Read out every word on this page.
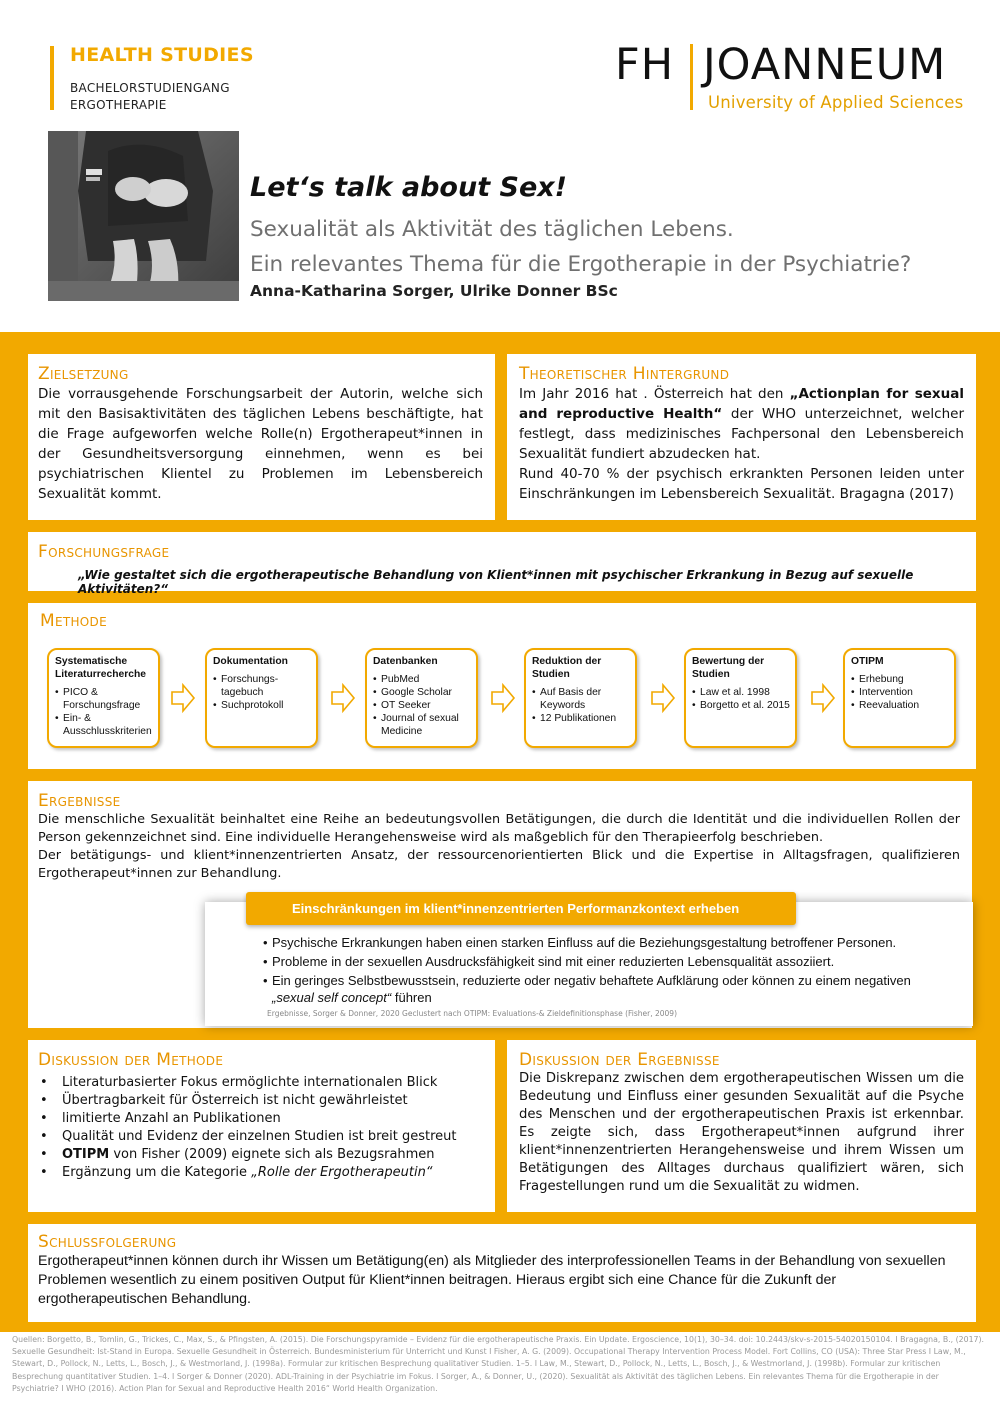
HEALTH STUDIES
BACHELORSTUDIENGANG
ERGOTHERAPIE
FH JOANNEUM
University of Applied Sciences
Let‘s talk about Sex!
Sexualität als Aktivität des täglichen Lebens.
Ein relevantes Thema für die Ergotherapie in der Psychiatrie?
Anna-Katharina Sorger, Ulrike Donner BSc
Zielsetzung

Die vorrausgehende Forschungsarbeit der Autorin, welche sich mit den Basisaktivitäten des täglichen Lebens beschäftigte, hat die Frage aufgeworfen welche Rolle(n) Ergotherapeut*innen in der Gesundheitsversorgung einnehmen, wenn es bei psychiatrischen Klientel zu Problemen im Lebensbereich Sexualität kommt.

Theoretischer Hintergrund

Im Jahr 2016 hat . Österreich hat den „Actionplan for sexual and reproductive Health“ der WHO unterzeichnet, welcher festlegt, dass medizinisches Fachpersonal den Lebensbereich Sexualität fundiert abzudecken hat.

Rund 40-70 % der psychisch erkrankten Personen leiden unter Einschränkungen im Lebensbereich Sexualität. Bragagna (2017)

Forschungsfrage
„Wie gestaltet sich die ergotherapeutische Behandlung von Klient*innen mit psychischer Erkrankung in Bezug auf sexuelle Aktivitäten?“
Methode
Systematische Literaturrecherche
• PICO & Forschungsfrage
• Ein- & Ausschlusskriterien
Dokumentation
• Forschungs-tagebuch
• Suchprotokoll
Datenbanken
• PubMed
• Google Scholar
• OT Seeker
• Journal of sexual Medicine
Reduktion der Studien
• Auf Basis der Keywords
• 12 Publikationen
Bewertung der Studien
• Law et al. 1998
• Borgetto et al. 2015
OTIPM
• Erhebung
• Intervention
• Reevaluation
Ergebnisse

Die menschliche Sexualität beinhaltet eine Reihe an bedeutungsvollen Betätigungen, die durch die Identität und die individuellen Rollen der Person gekennzeichnet sind. Eine individuelle Herangehensweise wird als maßgeblich für den Therapieerfolg beschrieben.

Der betätigungs- und klient*innenzentrierten Ansatz, der ressourcenorientierten Blick und die Expertise in Alltagsfragen, qualifizieren Ergotherapeut*innen zur Behandlung.

• Psychische Erkrankungen haben einen starken Einfluss auf die Beziehungsgestaltung betroffener Personen.
• Probleme in der sexuellen Ausdrucksfähigkeit sind mit einer reduzierten Lebensqualität assoziiert.
• Ein geringes Selbstbewusstsein, reduzierte oder negativ behaftete Aufklärung oder können zu einem negativen „sexual self concept“ führen
Ergebnisse, Sorger & Donner, 2020 Geclustert nach OTIPM: Evaluations-& Zieldefinitionsphase (Fisher, 2009)
Einschränkungen im klient*innenzentrierten Performanzkontext erheben
Diskussion der Methode
• Literaturbasierter Fokus ermöglichte internationalen Blick
• Übertragbarkeit für Österreich ist nicht gewährleistet
• limitierte Anzahl an Publikationen
• Qualität und Evidenz der einzelnen Studien ist breit gestreut
• OTIPM von Fisher (2009) eignete sich als Bezugsrahmen
• Ergänzung um die Kategorie „Rolle der Ergotherapeutin“
Diskussion der Ergebnisse

Die Diskrepanz zwischen dem ergotherapeutischen Wissen um die Bedeutung und Einfluss einer gesunden Sexualität auf die Psyche des Menschen und der ergotherapeutischen Praxis ist erkennbar. Es zeigte sich, dass Ergotherapeut*innen aufgrund ihrer klient*innenzentrierten Herangehensweise und ihrem Wissen um Betätigungen des Alltages durchaus qualifiziert wären, sich Fragestellungen rund um die Sexualität zu widmen.

Schlussfolgerung

Ergotherapeut*innen können durch ihr Wissen um Betätigung(en) als Mitglieder des interprofessionellen Teams in der Behandlung von sexuellen Problemen wesentlich zu einem positiven Output für Klient*innen beitragen. Hieraus ergibt sich eine Chance für die Zukunft der ergotherapeutischen Behandlung.

Quellen: Borgetto, B., Tomlin, G., Trickes, C., Max, S., & Pfingsten, A. (2015). Die Forschungspyramide – Evidenz für die ergotherapeutische Praxis. Ein Update. Ergoscience, 10(1), 30–34. doi: 10.2443/skv-s-2015-54020150104. I Bragagna, B., (2017). Sexuelle Gesundheit: Ist-Stand in Europa. Sexuelle Gesundheit in Österreich. Bundesministerium für Unterricht und Kunst I Fisher, A. G. (2009). Occupational Therapy Intervention Process Model. Fort Collins, CO (USA): Three Star Press I Law, M., Stewart, D., Pollock, N., Letts, L., Bosch, J., & Westmorland, J. (1998a). Formular zur kritischen Besprechung qualitativer Studien. 1–5. I Law, M., Stewart, D., Pollock, N., Letts, L., Bosch, J., & Westmorland, J. (1998b). Formular zur kritischen Besprechung quantitativer Studien. 1–4. I Sorger & Donner (2020). ADL-Training in der Psychiatrie im Fokus. I Sorger, A., & Donner, U., (2020). Sexualität als Aktivität des täglichen Lebens. Ein relevantes Thema für die Ergotherapie in der Psychiatrie? I WHO (2016). Action Plan for Sexual and Reproductive Health 2016“ World Health Organization.
